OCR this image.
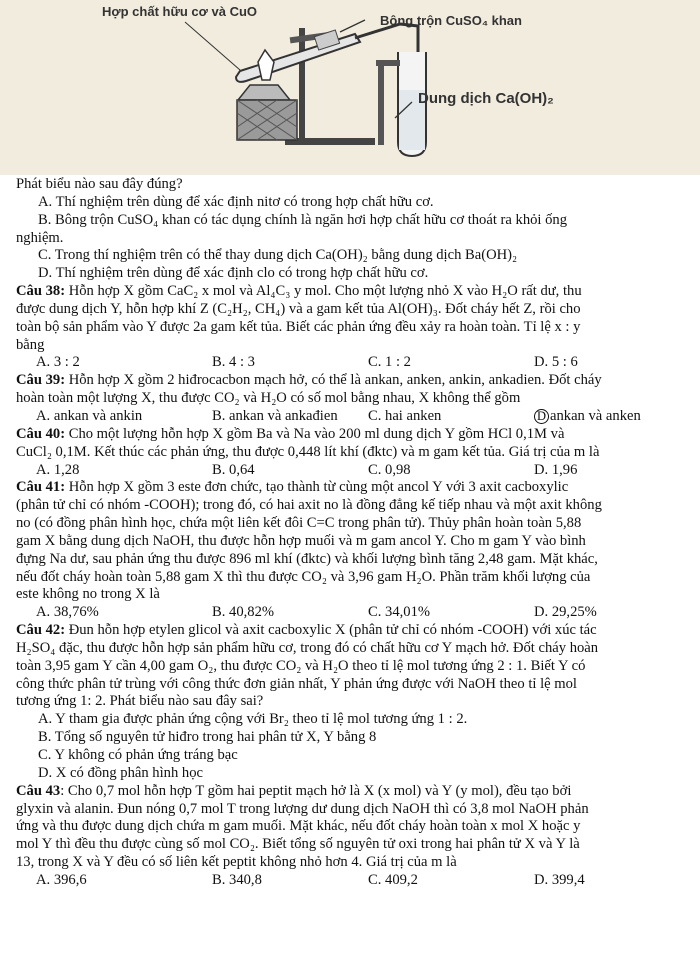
Hợp chất hữu cơ và CuO
Bông trộn CuSO₄ khan
Dung dịch Ca(OH)₂
Phát biểu nào sau đây đúng?
A. Thí nghiệm trên dùng để xác định nitơ có trong hợp chất hữu cơ.
B. Bông trộn CuSO₄ khan có tác dụng chính là ngăn hơi hợp chất hữu cơ thoát ra khỏi ống
nghiệm.
C. Trong thí nghiệm trên có thể thay dung dịch Ca(OH)₂ bằng dung dịch Ba(OH)₂
D. Thí nghiệm trên dùng để xác định clo có trong hợp chất hữu cơ.
Câu 38: Hỗn hợp X gồm CaC₂ x mol và Al₄C₃ y mol. Cho một lượng nhỏ X vào H₂O rất dư, thu
được dung dịch Y, hỗn hợp khí Z (C₂H₂, CH₄) và a gam kết tủa Al(OH)₃. Đốt cháy hết Z, rồi cho
toàn bộ sản phẩm vào Y được 2a gam kết tủa. Biết các phản ứng đều xảy ra hoàn toàn. Tỉ lệ x : y
bằng
A. 3 : 2	B. 4 : 3	C. 1 : 2	D. 5 : 6
Câu 39: Hỗn hợp X gồm 2 hiđrocacbon mạch hở, có thể là ankan, anken, ankin, ankadien. Đốt cháy
hoàn toàn một lượng X, thu được CO₂ và H₂O có số mol bằng nhau, X không thể gồm
A. ankan và ankin	B. ankan và ankađien	C. hai anken	Dankan và anken
Câu 40: Cho một lượng hỗn hợp X gồm Ba và Na vào 200 ml dung dịch Y gồm HCl 0,1M và
CuCl₂ 0,1M. Kết thúc các phản ứng, thu được 0,448 lít khí (đktc) và m gam kết tủa. Giá trị của m là
A. 1,28	B. 0,64	C. 0,98	D. 1,96
Câu 41: Hỗn hợp X gồm 3 este đơn chức, tạo thành từ cùng một ancol Y với 3 axit cacboxylic
(phân tử chỉ có nhóm -COOH); trong đó, có hai axit no là đồng đẳng kế tiếp nhau và một axit không
no (có đồng phân hình học, chứa một liên kết đôi C=C trong phân tử). Thủy phân hoàn toàn 5,88
gam X bằng dung dịch NaOH, thu được hỗn hợp muối và m gam ancol Y. Cho m gam Y vào bình
đựng Na dư, sau phản ứng thu được 896 ml khí (đktc) và khối lượng bình tăng 2,48 gam. Mặt khác,
nếu đốt cháy hoàn toàn 5,88 gam X thì thu được CO₂ và 3,96 gam H₂O. Phần trăm khối lượng của
este không no trong X là
A. 38,76%	B. 40,82%	C. 34,01%	D. 29,25%
Câu 42: Đun hỗn hợp etylen glicol và axit cacboxylic X (phân tử chỉ có nhóm -COOH) với xúc tác
H₂SO₄ đặc, thu được hỗn hợp sản phẩm hữu cơ, trong đó có chất hữu cơ Y mạch hở. Đốt cháy hoàn
toàn 3,95 gam Y cần 4,00 gam O₂, thu được CO₂ và H₂O theo tỉ lệ mol tương ứng 2 : 1. Biết Y có
công thức phân tử trùng với công thức đơn giản nhất, Y phản ứng được với NaOH theo tỉ lệ mol
tương ứng 1: 2. Phát biểu nào sau đây sai?
A. Y tham gia được phản ứng cộng với Br₂ theo tỉ lệ mol tương ứng 1 : 2.
B. Tổng số nguyên tử hiđro trong hai phân tử X, Y bằng 8
C. Y không có phản ứng tráng bạc
D. X có đồng phân hình học
Câu 43: Cho 0,7 mol hỗn hợp T gồm hai peptit mạch hở là X (x mol) và Y (y mol), đều tạo bởi
glyxin và alanin. Đun nóng 0,7 mol T trong lượng dư dung dịch NaOH thì có 3,8 mol NaOH phản
ứng và thu được dung dịch chứa m gam muối. Mặt khác, nếu đốt cháy hoàn toàn x mol X hoặc y
mol Y thì đều thu được cùng số mol CO₂. Biết tổng số nguyên tử oxi trong hai phân tử X và Y là
13, trong X và Y đều có số liên kết peptit không nhỏ hơn 4. Giá trị của m là
A. 396,6	B. 340,8	C. 409,2	D. 399,4
